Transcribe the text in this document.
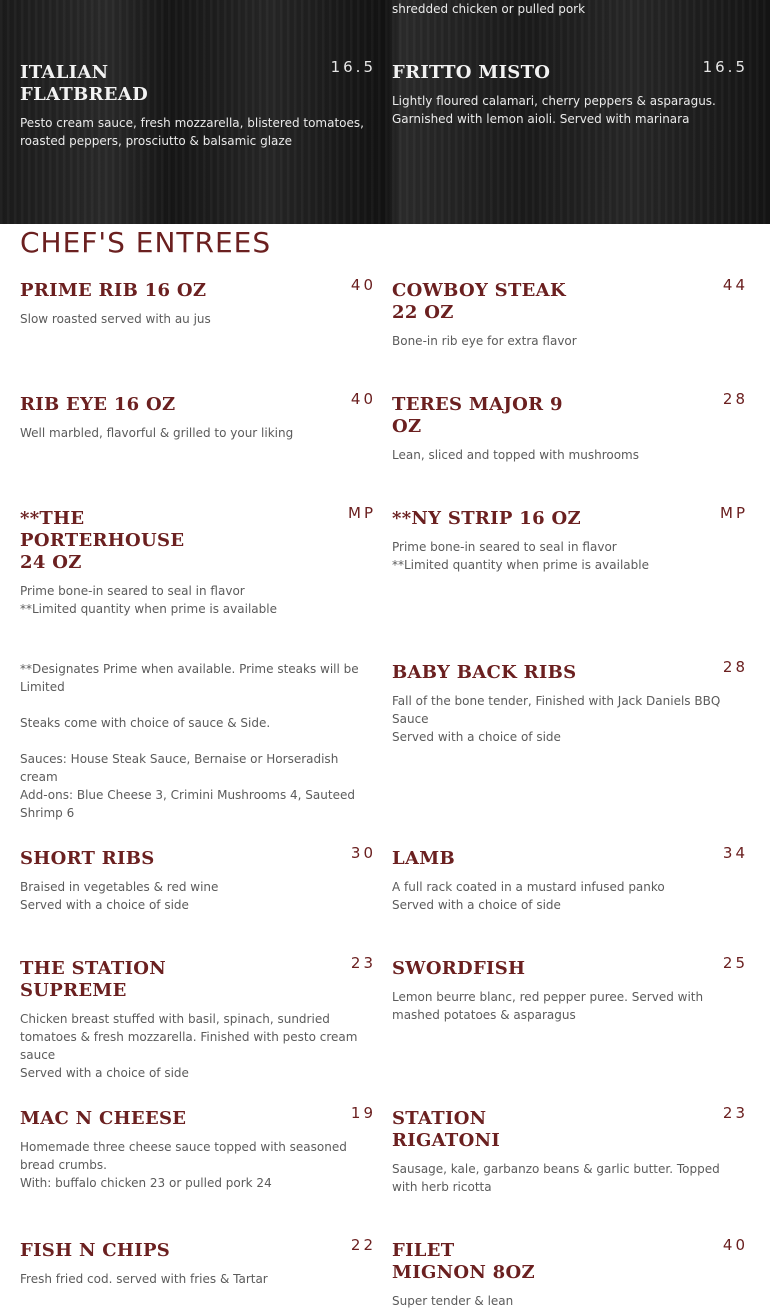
shredded chicken or pulled pork
ITALIAN FLATBREAD
16.5
Pesto cream sauce, fresh mozzarella, blistered tomatoes, roasted peppers, prosciutto & balsamic glaze
FRITTO MISTO	16.5
Lightly floured calamari, cherry peppers & asparagus. Garnished with lemon aioli. Served with marinara
CHEF'S ENTREES
PRIME RIB 16 OZ	40
Slow roasted served with au jus
COWBOY STEAK 22 OZ
44
Bone-in rib eye for extra flavor
RIB EYE 16 OZ	40
Well marbled, flavorful & grilled to your liking
TERES MAJOR 9 OZ
28
Lean, sliced and topped with mushrooms
**THE PORTERHOUSE 24 OZ
MP
Prime bone-in seared to seal in flavor
**Limited quantity when prime is available
**NY STRIP 16 OZ	MP
Prime bone-in seared to seal in flavor
**Limited quantity when prime is available

**Designates Prime when available. Prime steaks will be Limited

Steaks come with choice of sauce & Side.

Sauces: House Steak Sauce, Bernaise or Horseradish cream
Add-ons: Blue Cheese 3, Crimini Mushrooms 4, Sauteed Shrimp 6

BABY BACK RIBS	28
Fall of the bone tender, Finished with Jack Daniels BBQ Sauce
Served with a choice of side
SHORT RIBS	30
Braised in vegetables & red wine
Served with a choice of side
LAMB	34
A full rack coated in a mustard infused panko
Served with a choice of side
THE STATION SUPREME
23
Chicken breast stuffed with basil, spinach, sundried tomatoes & fresh mozzarella. Finished with pesto cream sauce
Served with a choice of side
SWORDFISH	25
Lemon beurre blanc, red pepper puree. Served with mashed potatoes & asparagus
MAC N CHEESE	19
Homemade three cheese sauce topped with seasoned bread crumbs.
With: buffalo chicken 23 or pulled pork 24
STATION RIGATONI
23
Sausage, kale, garbanzo beans & garlic butter. Topped with herb ricotta
FISH N CHIPS	22
Fresh fried cod. served with fries & Tartar
FILET MIGNON 8OZ
40
Super tender & lean
